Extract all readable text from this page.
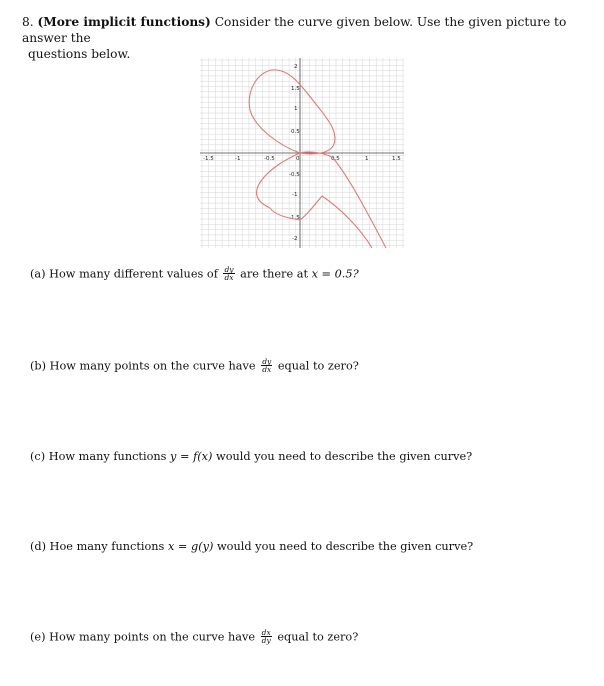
8. (More implicit functions) Consider the curve given below. Use the given picture to answer the
questions below.
-1.5	-1	-0.5	0	0.5	1	1.5
2
1.5
1
0.5
-0.5
-1
-1.5
-2
(a) How many different values of $\frac{dy}{dx}$ are there at x = 0.5?
(b) How many points on the curve have $\frac{dy}{dx}$ equal to zero?
(c) How many functions y = f(x) would you need to describe the given curve?
(d) Hoe many functions x = g(y) would you need to describe the given curve?
(e) How many points on the curve have $\frac{dx}{dy}$ equal to zero?
